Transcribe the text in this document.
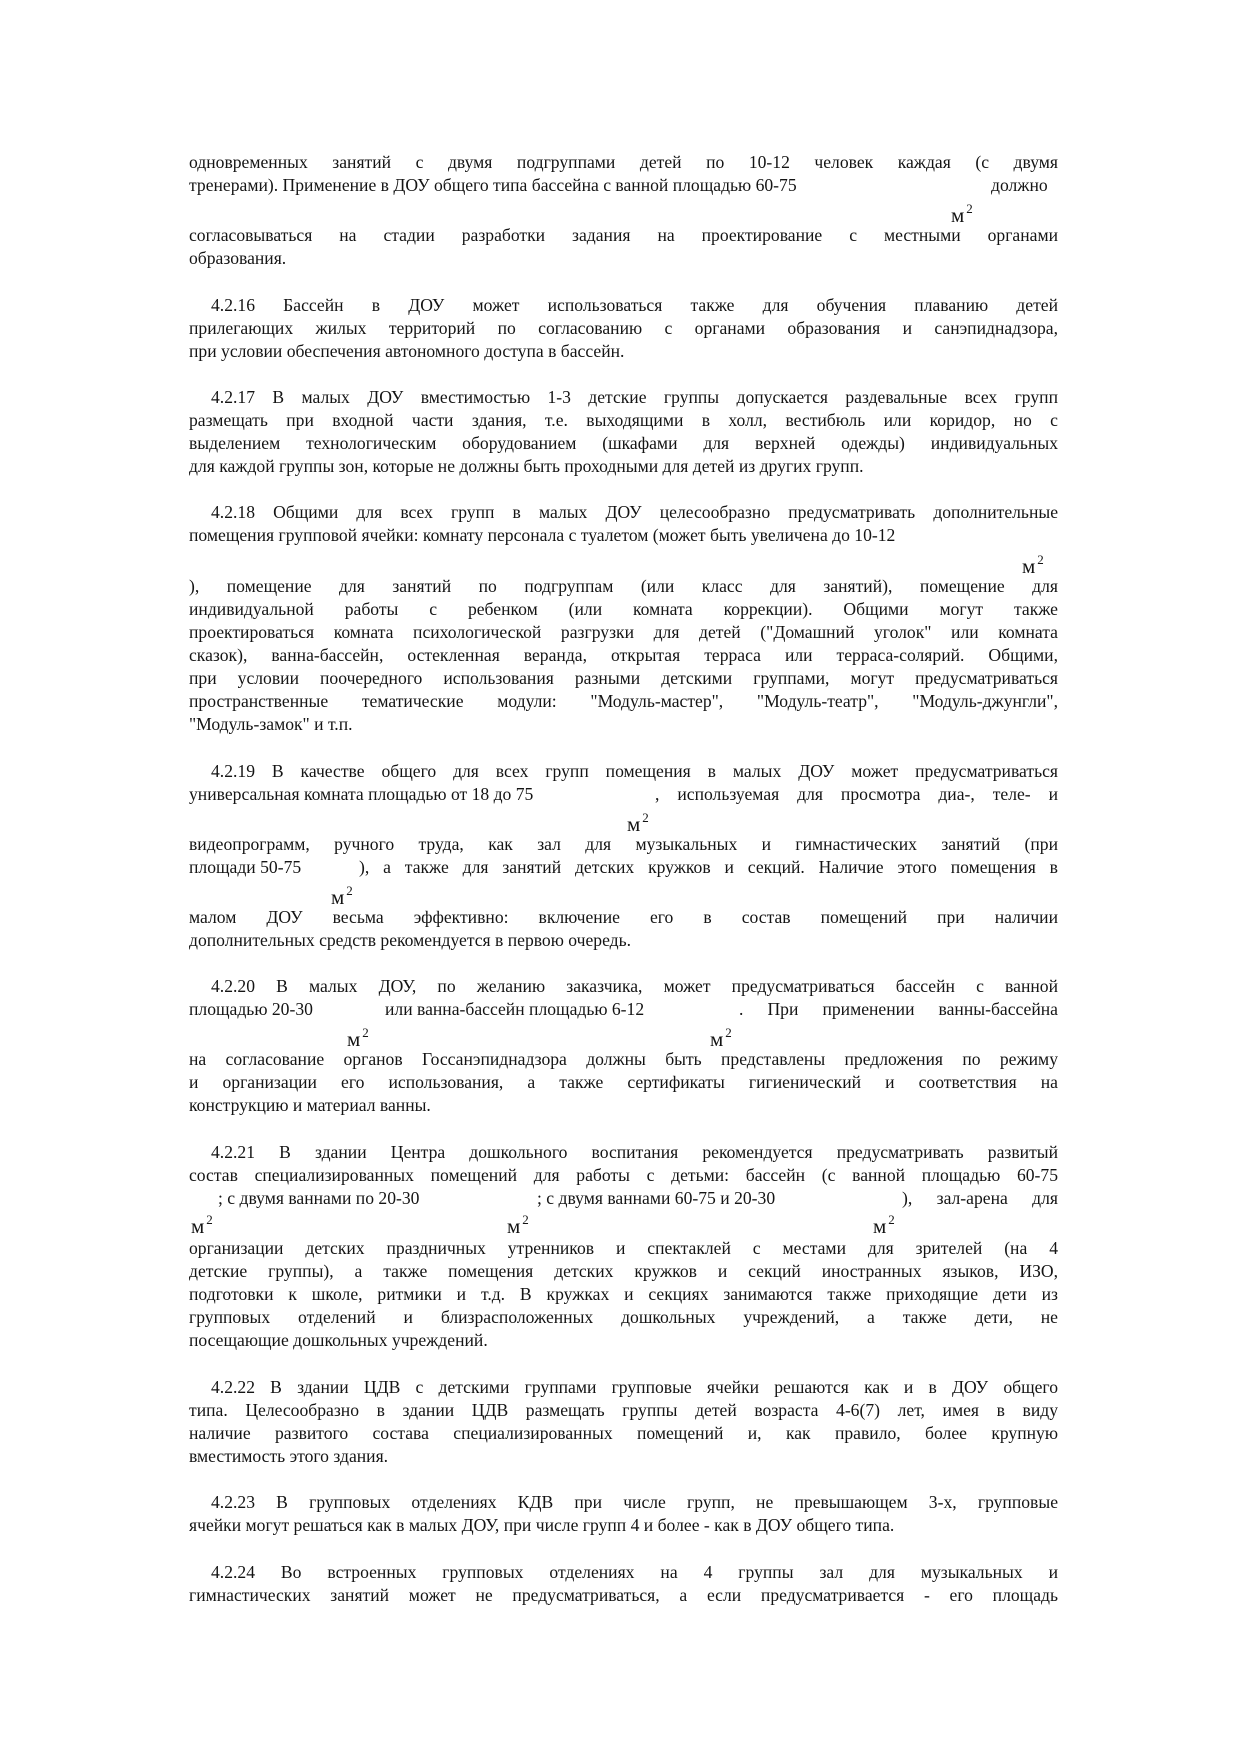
одновременных занятий с двумя подгруппами детей по 10-12 человек каждая (с двумя
тренерами). Применение в ДОУ общего типа бассейна с ванной площадью 60-75	должно
м $^2$
согласовываться на стадии разработки задания на проектирование с местными органами
образования.
4.2.16 Бассейн в ДОУ может использоваться также для обучения плаванию детей
прилегающих жилых территорий по согласованию с органами образования и санэпиднадзора,
при условии обеспечения автономного доступа в бассейн.
4.2.17 В малых ДОУ вместимостью 1-3 детские группы допускается раздевальные всех групп
размещать при входной части здания, т.е. выходящими в холл, вестибюль или коридор, но с
выделением технологическим оборудованием (шкафами для верхней одежды) индивидуальных
для каждой группы зон, которые не должны быть проходными для детей из других групп.
4.2.18 Общими для всех групп в малых ДОУ целесообразно предусматривать дополнительные
помещения групповой ячейки: комнату персонала с туалетом (может быть увеличена до 10-12
м $^2$
), помещение для занятий по подгруппам (или класс для занятий), помещение для
индивидуальной работы с ребенком (или комната коррекции). Общими могут также
проектироваться комната психологической разгрузки для детей ("Домашний уголок" или комната
сказок), ванна-бассейн, остекленная веранда, открытая терраса или терраса-солярий. Общими,
при условии поочередного использования разными детскими группами, могут предусматриваться
пространственные тематические модули: "Модуль-мастер", "Модуль-театр", "Модуль-джунгли",
"Модуль-замок" и т.п.
4.2.19 В качестве общего для всех групп помещения в малых ДОУ может предусматриваться
универсальная комната площадью от 18 до 75	, используемая для просмотра диа-, теле- и
м $^2$
видеопрограмм, ручного труда, как зал для музыкальных и гимнастических занятий (при
площади 50-75	), а также для занятий детских кружков и секций. Наличие этого помещения в
м $^2$
малом ДОУ весьма эффективно: включение его в состав помещений при наличии
дополнительных средств рекомендуется в первою очередь.
4.2.20 В малых ДОУ, по желанию заказчика, может предусматриваться бассейн с ванной
площадью 20-30	или ванна-бассейн площадью 6-12	. При применении ванны-бассейна
м $^2$	м $^2$
на согласование органов Госсанэпиднадзора должны быть представлены предложения по режиму
и организации его использования, а также сертификаты гигиенический и соответствия на
конструкцию и материал ванны.
4.2.21 В здании Центра дошкольного воспитания рекомендуется предусматривать развитый
состав специализированных помещений для работы с детьми: бассейн (с ванной площадью 60-75
; с двумя ваннами по 20-30	; с двумя ваннами 60-75 и 20-30	), зал-арена для
м $^2$	м $^2$	м $^2$
организации детских праздничных утренников и спектаклей с местами для зрителей (на 4
детские группы), а также помещения детских кружков и секций иностранных языков, ИЗО,
подготовки к школе, ритмики и т.д. В кружках и секциях занимаются также приходящие дети из
групповых отделений и близрасположенных дошкольных учреждений, а также дети, не
посещающие дошкольных учреждений.
4.2.22 В здании ЦДВ с детскими группами групповые ячейки решаются как и в ДОУ общего
типа. Целесообразно в здании ЦДВ размещать группы детей возраста 4-6(7) лет, имея в виду
наличие развитого состава специализированных помещений и, как правило, более крупную
вместимость этого здания.
4.2.23 В групповых отделениях КДВ при числе групп, не превышающем 3-х, групповые
ячейки могут решаться как в малых ДОУ, при числе групп 4 и более - как в ДОУ общего типа.
4.2.24 Во встроенных групповых отделениях на 4 группы зал для музыкальных и
гимнастических занятий может не предусматриваться, а если предусматривается - его площадь
